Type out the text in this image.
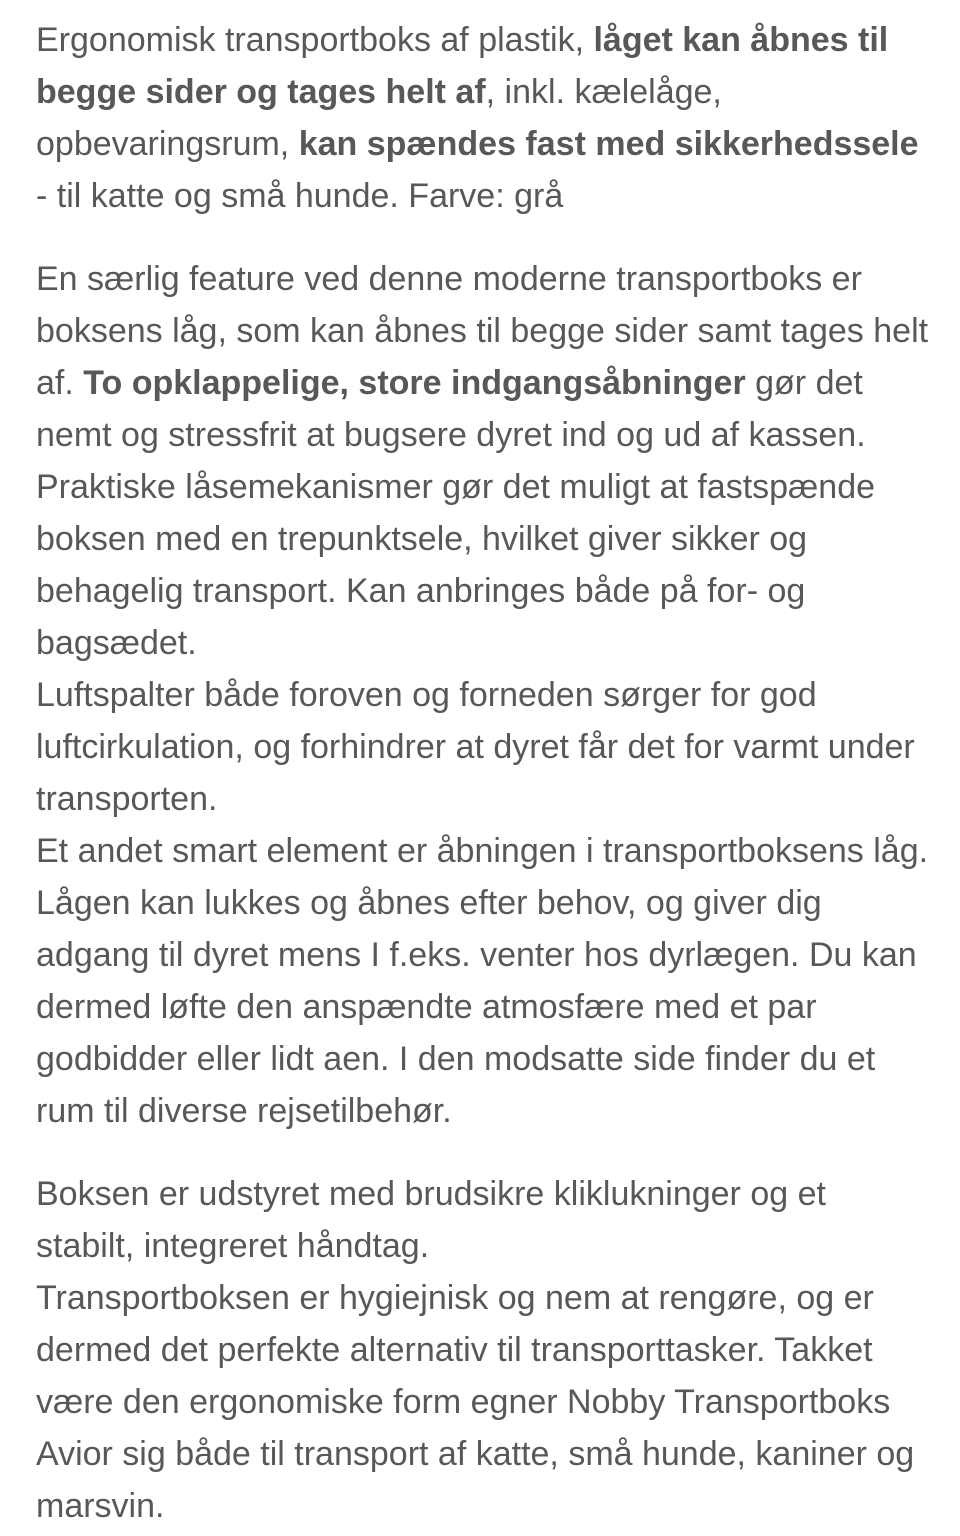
Ergonomisk transportboks af plastik, låget kan åbnes til
begge sider og tages helt af, inkl. kælelåge,
opbevaringsrum, kan spændes fast med sikkerhedssele
- til katte og små hunde. Farve: grå

En særlig feature ved denne moderne transportboks er
boksens låg, som kan åbnes til begge sider samt tages helt
af. To opklappelige, store indgangsåbninger gør det
nemt og stressfrit at bugsere dyret ind og ud af kassen.
Praktiske låsemekanismer gør det muligt at fastspænde
boksen med en trepunktsele, hvilket giver sikker og
behagelig transport. Kan anbringes både på for- og
bagsædet.
Luftspalter både foroven og forneden sørger for god
luftcirkulation, og forhindrer at dyret får det for varmt under
transporten.
Et andet smart element er åbningen i transportboksens låg.
Lågen kan lukkes og åbnes efter behov, og giver dig
adgang til dyret mens I f.eks. venter hos dyrlægen. Du kan
dermed løfte den anspændte atmosfære med et par
godbidder eller lidt aen. I den modsatte side finder du et
rum til diverse rejsetilbehør.

Boksen er udstyret med brudsikre kliklukninger og et
stabilt, integreret håndtag.
Transportboksen er hygiejnisk og nem at rengøre, og er
dermed det perfekte alternativ til transporttasker. Takket
være den ergonomiske form egner Nobby Transportboks
Avior sig både til transport af katte, små hunde, kaniner og
marsvin.
